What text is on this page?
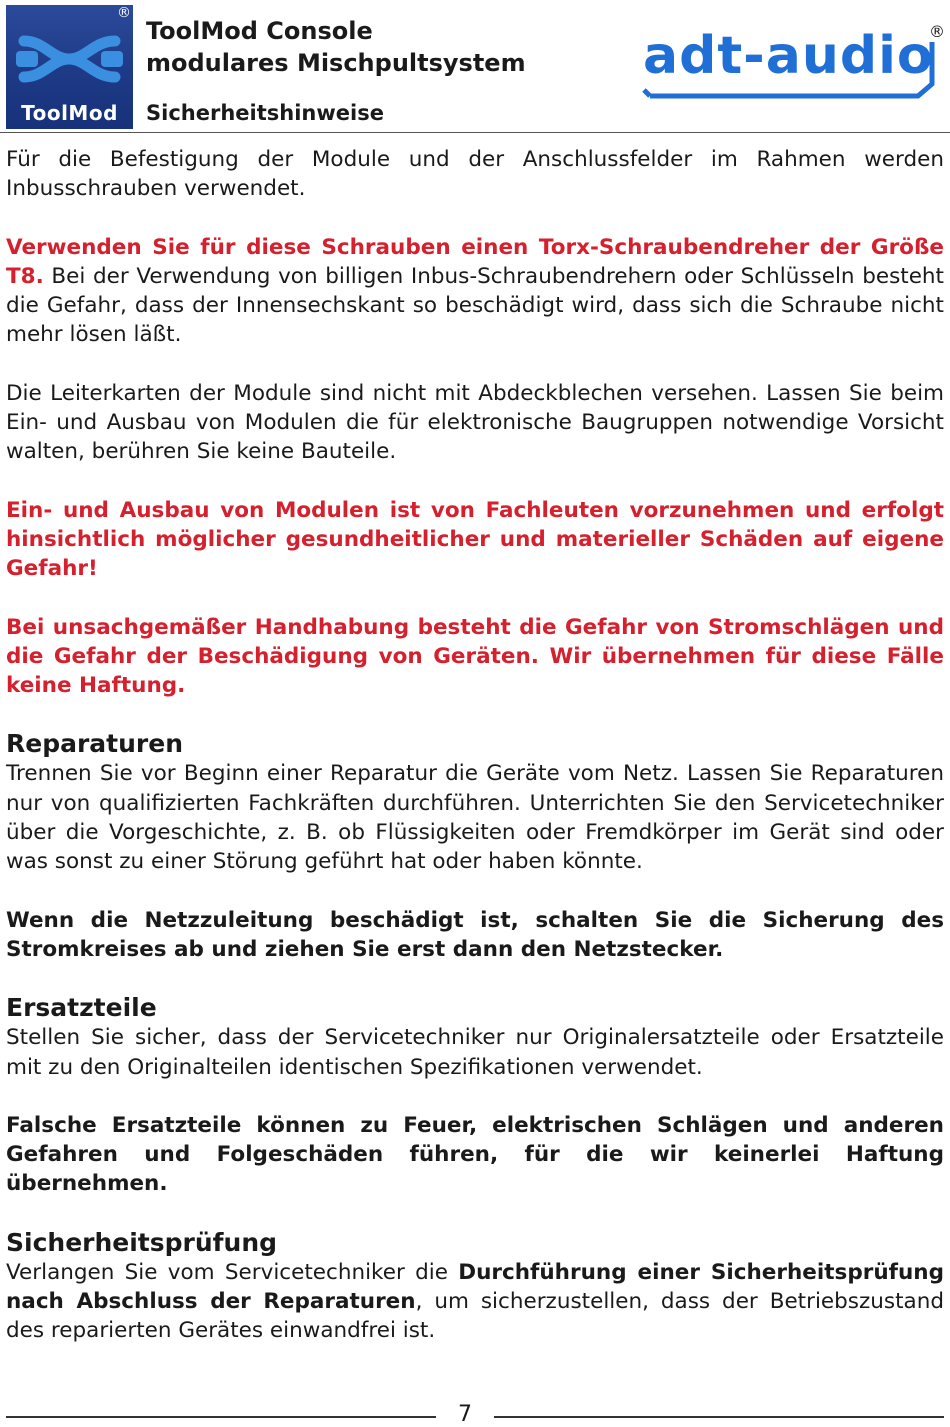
®
ToolMod
ToolMod Console
modulares Mischpultsystem
Sicherheitshinweise
adt-audio
®

Für die Befestigung der Module und der Anschlussfelder im Rahmen werden Inbusschrauben verwendet.

Verwenden Sie für diese Schrauben einen Torx-Schraubendreher der Größe T8. Bei der Verwendung von billigen Inbus-Schraubendrehern oder Schlüsseln besteht die Gefahr, dass der Innensechskant so beschädigt wird, dass sich die Schraube nicht mehr lösen läßt.

Die Leiterkarten der Module sind nicht mit Abdeckblechen versehen. Lassen Sie beim Ein- und Ausbau von Modulen die für elektronische Baugruppen notwendige Vorsicht walten, berühren Sie keine Bauteile.

Ein- und Ausbau von Modulen ist von Fachleuten vorzunehmen und erfolgt hinsichtlich möglicher gesundheitlicher und materieller Schäden auf eigene Gefahr!

Bei unsachgemäßer Handhabung besteht die Gefahr von Stromschlägen und die Gefahr der Beschädigung von Geräten. Wir übernehmen für diese Fälle keine Haftung.

Reparaturen

Trennen Sie vor Beginn einer Reparatur die Geräte vom Netz. Lassen Sie Reparaturen nur von qualifizierten Fachkräften durchführen. Unterrichten Sie den Servicetechniker über die Vorgeschichte, z. B. ob Flüssigkeiten oder Fremdkörper im Gerät sind oder was sonst zu einer Störung geführt hat oder haben könnte.

Wenn die Netzzuleitung beschädigt ist, schalten Sie die Sicherung des Stromkreises ab und ziehen Sie erst dann den Netzstecker.

Ersatzteile

Stellen Sie sicher, dass der Servicetechniker nur Originalersatzteile oder Ersatzteile mit zu den Originalteilen identischen Spezifikationen verwendet.

Falsche Ersatzteile können zu Feuer, elektrischen Schlägen und anderen Gefahren und Folgeschäden führen, für die wir keinerlei Haftung übernehmen.

Sicherheitsprüfung

Verlangen Sie vom Servicetechniker die Durchführung einer Sicherheitsprüfung nach Abschluss der Reparaturen, um sicherzustellen, dass der Betriebszustand des reparierten Gerätes einwandfrei ist.

7
